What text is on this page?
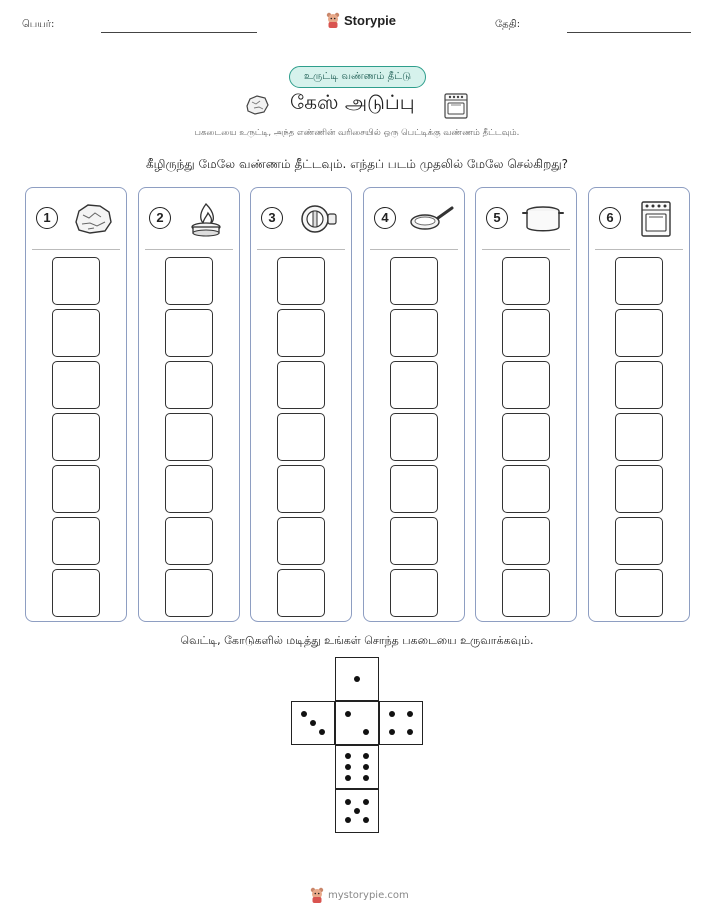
பெயர்:	Storypie	தேதி:
உருட்டி வண்ணம் தீட்டு
கேஸ் அடுப்பு
பகடையை உருட்டி, அந்த எண்ணின் வரிசையில் ஒரு பெட்டிக்கு வண்ணம் தீட்டவும்.
கீழிருந்து மேலே வண்ணம் தீட்டவும். எந்தப் படம் முதலில் மேலே செல்கிறது?
1	2	3	4	5	6
வெட்டி, கோடுகளில் மடித்து உங்கள் சொந்த பகடையை உருவாக்கவும்.
mystorypie.com
